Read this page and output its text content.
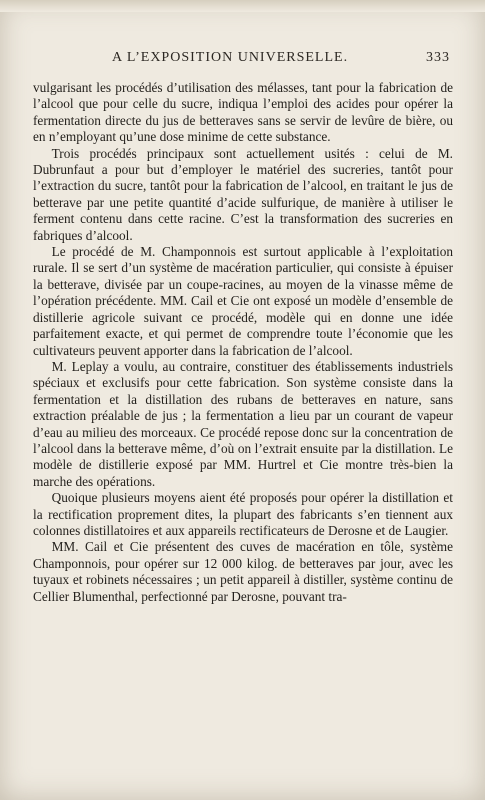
A L’EXPOSITION UNIVERSELLE.	333

vulgarisant les procédés d’utilisation des mélasses, tant pour la fabrication de l’alcool que pour celle du sucre, indiqua l’emploi des acides pour opérer la fermentation directe du jus de betteraves sans se servir de levûre de bière, ou en n’employant qu’une dose minime de cette substance.

Trois procédés principaux sont actuellement usités : celui de M. Dubrunfaut a pour but d’employer le matériel des sucreries, tantôt pour l’extraction du sucre, tantôt pour la fabrication de l’alcool, en traitant le jus de betterave par une petite quantité d’acide sulfurique, de manière à utiliser le ferment contenu dans cette racine. C’est la transformation des sucreries en fabriques d’alcool.

Le procédé de M. Champonnois est surtout applicable à l’exploitation rurale. Il se sert d’un système de macération particulier, qui consiste à épuiser la betterave, divisée par un coupe-racines, au moyen de la vinasse même de l’opération précédente. MM. Cail et Cie ont exposé un modèle d’ensemble de distillerie agricole suivant ce procédé, modèle qui en donne une idée parfaitement exacte, et qui permet de comprendre toute l’économie que les cultivateurs peuvent apporter dans la fabrication de l’alcool.

M. Leplay a voulu, au contraire, constituer des établissements industriels spéciaux et exclusifs pour cette fabrication. Son système consiste dans la fermentation et la distillation des rubans de betteraves en nature, sans extraction préalable de jus ; la fermentation a lieu par un courant de vapeur d’eau au milieu des morceaux. Ce procédé repose donc sur la concentration de l’alcool dans la betterave même, d’où on l’extrait ensuite par la distillation. Le modèle de distillerie exposé par MM. Hurtrel et Cie montre très-bien la marche des opérations.

Quoique plusieurs moyens aient été proposés pour opérer la distillation et la rectification proprement dites, la plupart des fabricants s’en tiennent aux colonnes distillatoires et aux appareils rectificateurs de Derosne et de Laugier.

MM. Cail et Cie présentent des cuves de macération en tôle, système Champonnois, pour opérer sur 12 000 kilog. de betteraves par jour, avec les tuyaux et robinets nécessaires ; un petit appareil à distiller, système continu de Cellier Blumenthal, perfectionné par Derosne, pouvant tra-
